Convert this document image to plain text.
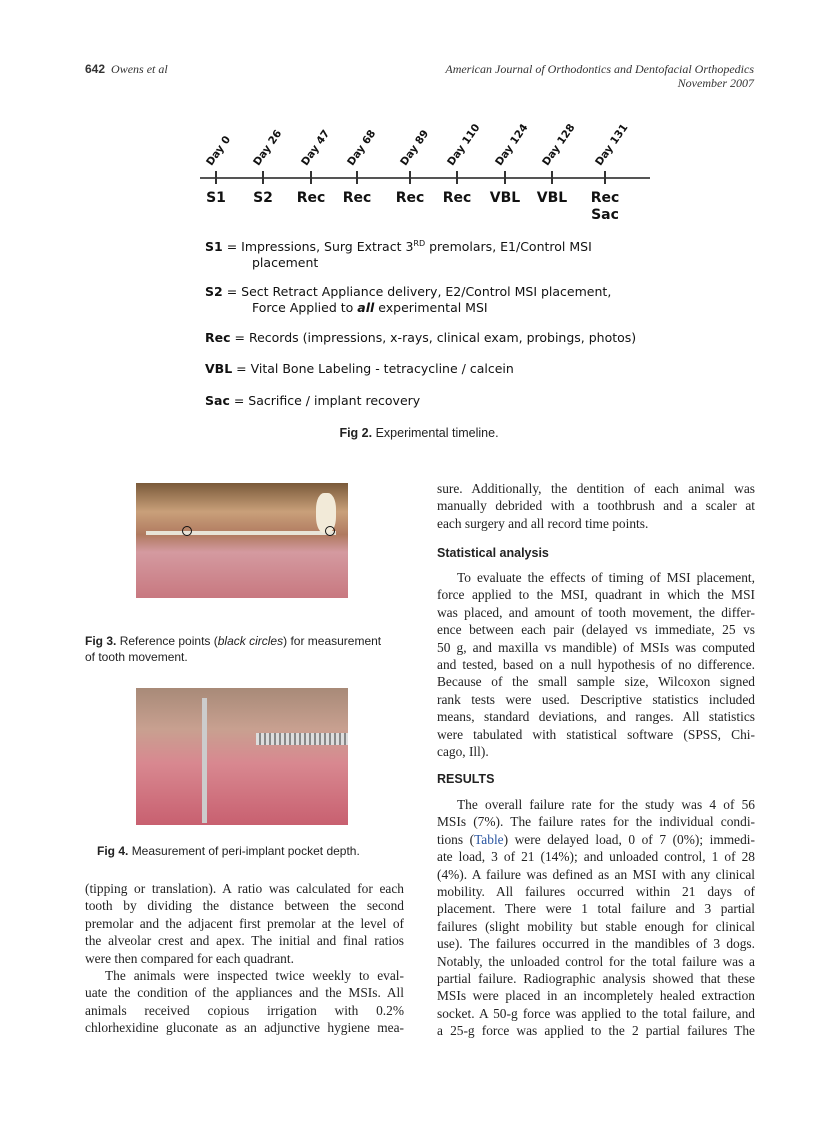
642 Owens et al	American Journal of Orthodontics and Dentofacial Orthopedics
November 2007
Day 0
S1
Day 26
S2
Day 47
Rec
Day 68
Rec
Day 89
Rec
Day 110
Rec
Day 124
VBL
Day 128
VBL
Day 131
Rec
Sac
S1 = Impressions, Surg Extract 3RD premolars, E1/Control MSI
placement
S2 = Sect Retract Appliance delivery, E2/Control MSI placement,
Force Applied to all experimental MSI
Rec = Records (impressions, x-rays, clinical exam, probings, photos)
VBL = Vital Bone Labeling - tetracycline / calcein
Sac = Sacrifice / implant recovery
Fig 2. Experimental timeline.
Fig 3. Reference points (black circles) for measurement
of tooth movement.
Fig 4. Measurement of peri-implant pocket depth.
(tipping or translation). A ratio was calculated for each
tooth by dividing the distance between the second
premolar and the adjacent first premolar at the level of
the alveolar crest and apex. The initial and final ratios
were then compared for each quadrant.
The animals were inspected twice weekly to eval-
uate the condition of the appliances and the MSIs. All
animals received copious irrigation with 0.2%
chlorhexidine gluconate as an adjunctive hygiene mea-
sure. Additionally, the dentition of each animal was
manually debrided with a toothbrush and a scaler at
each surgery and all record time points.
Statistical analysis
To evaluate the effects of timing of MSI placement,
force applied to the MSI, quadrant in which the MSI
was placed, and amount of tooth movement, the differ-
ence between each pair (delayed vs immediate, 25 vs
50 g, and maxilla vs mandible) of MSIs was computed
and tested, based on a null hypothesis of no difference.
Because of the small sample size, Wilcoxon signed
rank tests were used. Descriptive statistics included
means, standard deviations, and ranges. All statistics
were tabulated with statistical software (SPSS, Chi-
cago, Ill).
RESULTS
The overall failure rate for the study was 4 of 56
MSIs (7%). The failure rates for the individual condi-
tions (Table) were delayed load, 0 of 7 (0%); immedi-
ate load, 3 of 21 (14%); and unloaded control, 1 of 28
(4%). A failure was defined as an MSI with any clinical
mobility. All failures occurred within 21 days of
placement. There were 1 total failure and 3 partial
failures (slight mobility but stable enough for clinical
use). The failures occurred in the mandibles of 3 dogs.
Notably, the unloaded control for the total failure was a
partial failure. Radiographic analysis showed that these
MSIs were placed in an incompletely healed extraction
socket. A 50-g force was applied to the total failure, and
a 25-g force was applied to the 2 partial failures The
